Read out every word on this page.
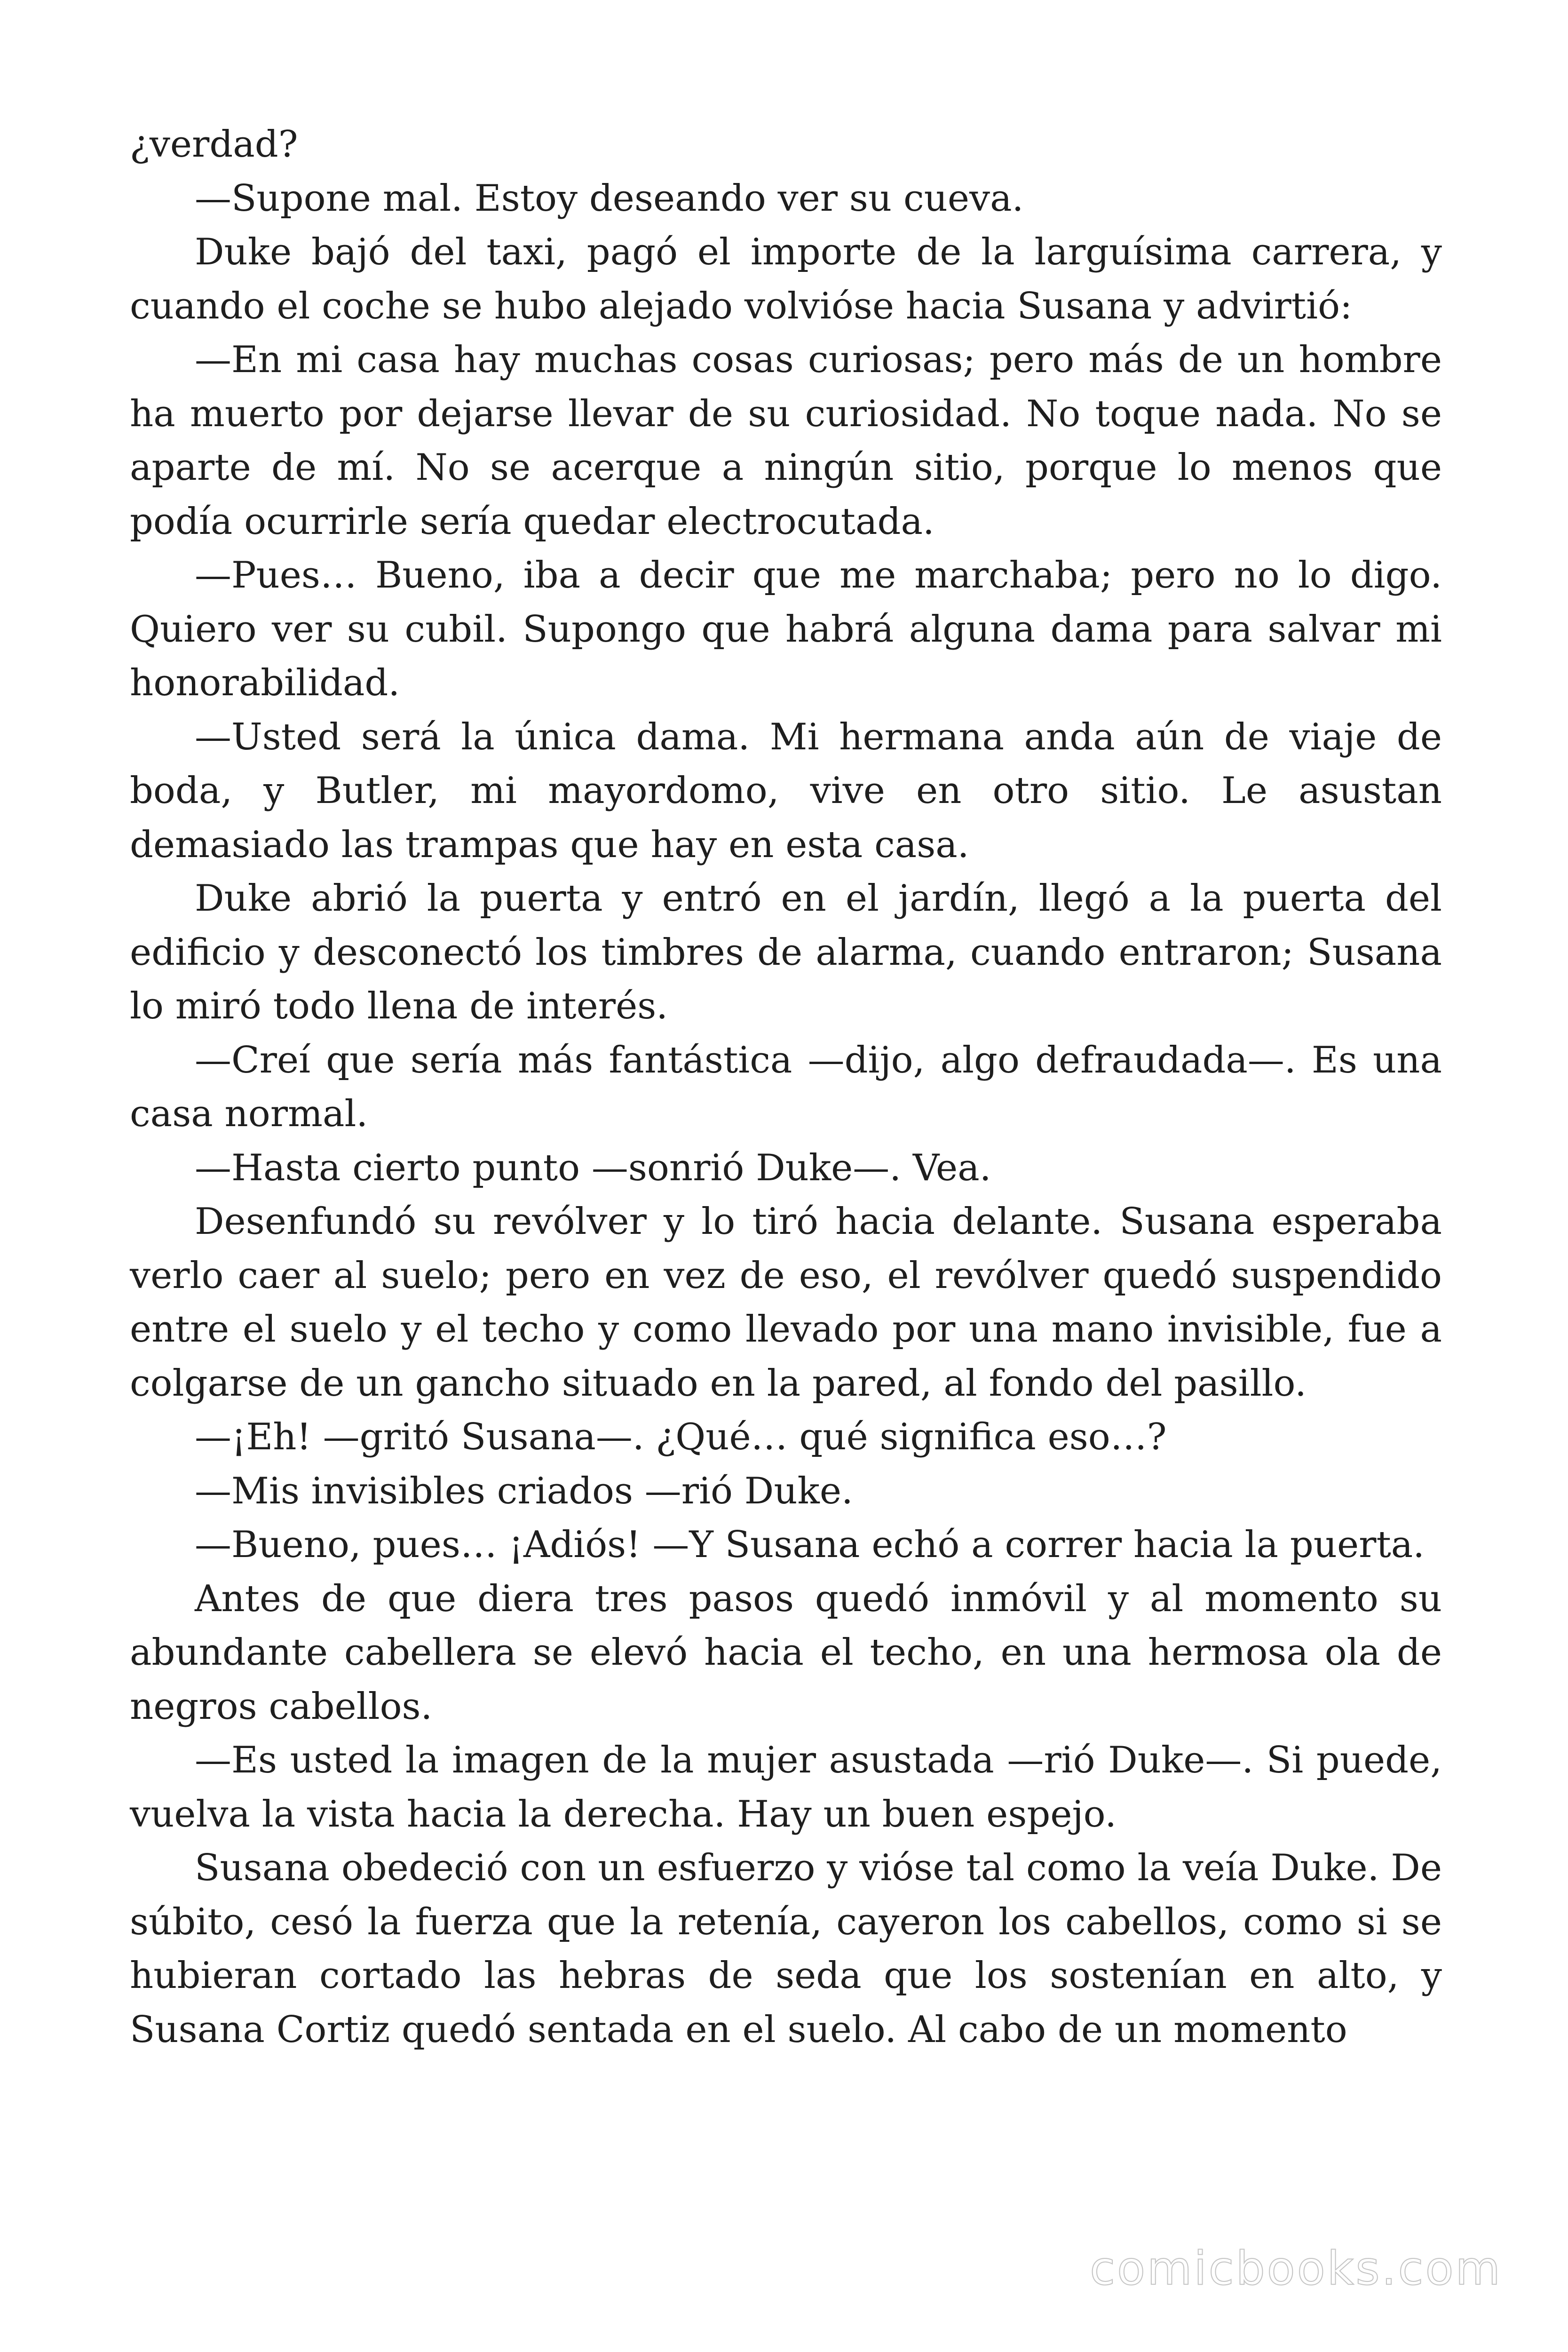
¿verdad?

—Supone mal. Estoy deseando ver su cueva.

Duke bajó del taxi, pagó el importe de la larguísima carrera, y cuando el coche se hubo alejado volvióse hacia Susana y advirtió:

—En mi casa hay muchas cosas curiosas; pero más de un hombre ha muerto por dejarse llevar de su curiosidad. No toque nada. No se aparte de mí. No se acerque a ningún sitio, porque lo menos que podía ocurrirle sería quedar electrocutada.

—Pues… Bueno, iba a decir que me marchaba; pero no lo digo. Quiero ver su cubil. Supongo que habrá alguna dama para salvar mi honorabilidad.

—Usted será la única dama. Mi hermana anda aún de viaje de boda, y Butler, mi mayordomo, vive en otro sitio. Le asustan demasiado las trampas que hay en esta casa.

Duke abrió la puerta y entró en el jardín, llegó a la puerta del edificio y desconectó los timbres de alarma, cuando entraron; Susana lo miró todo llena de interés.

—Creí que sería más fantástica —dijo, algo defraudada—. Es una casa normal.

—Hasta cierto punto —sonrió Duke—. Vea.

Desenfundó su revólver y lo tiró hacia delante. Susana esperaba verlo caer al suelo; pero en vez de eso, el revólver quedó suspendido entre el suelo y el techo y como llevado por una mano invisible, fue a colgarse de un gancho situado en la pared, al fondo del pasillo.

—¡Eh! —gritó Susana—. ¿Qué… qué significa eso…?

—Mis invisibles criados —rió Duke.

—Bueno, pues… ¡Adiós! —Y Susana echó a correr hacia la puerta.

Antes de que diera tres pasos quedó inmóvil y al momento su abundante cabellera se elevó hacia el techo, en una hermosa ola de negros cabellos.

—Es usted la imagen de la mujer asustada —rió Duke—. Si puede, vuelva la vista hacia la derecha. Hay un buen espejo.

Susana obedeció con un esfuerzo y vióse tal como la veía Duke. De súbito, cesó la fuerza que la retenía, cayeron los cabellos, como si se hubieran cortado las hebras de seda que los sostenían en alto, y Susana Cortiz quedó sentada en el suelo. Al cabo de un momento

comicbooks.com
